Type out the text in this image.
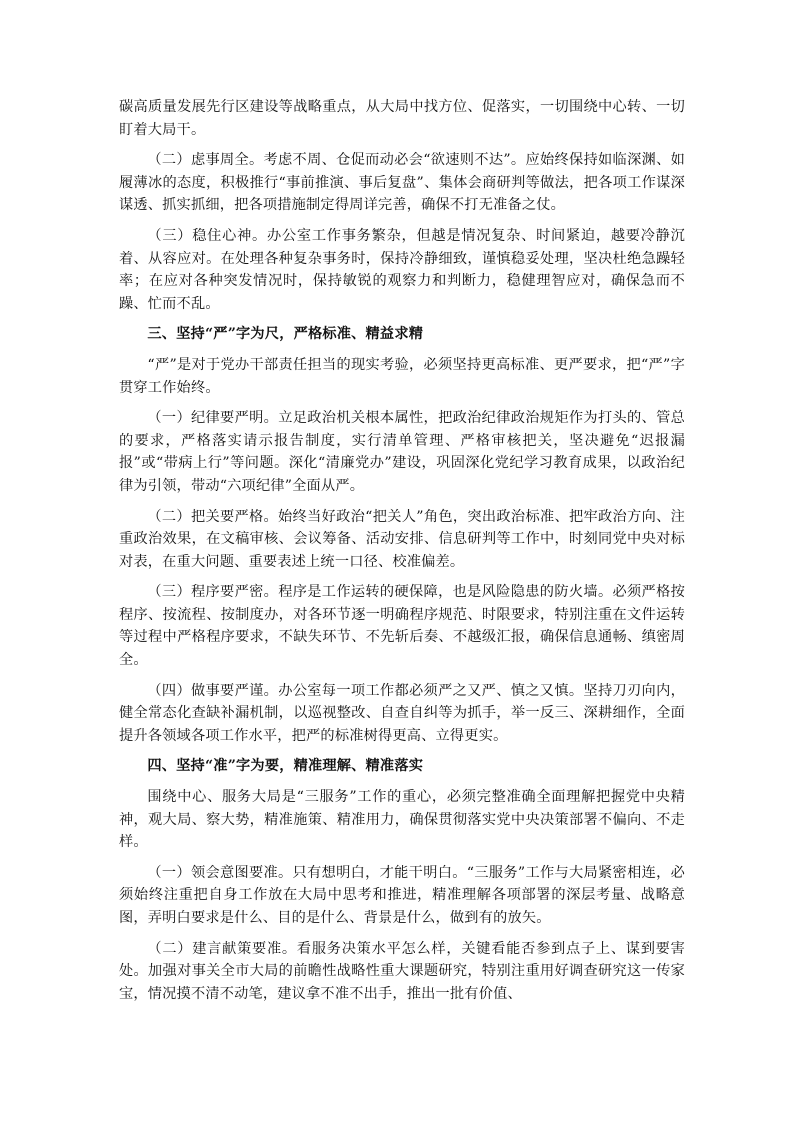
碳高质量发展先行区建设等战略重点，从大局中找方位、促落实，一切围绕中心转、一切盯着大局干。

（二）虑事周全。考虑不周、仓促而动必会“欲速则不达”。应始终保持如临深渊、如履薄冰的态度，积极推行“事前推演、事后复盘”、集体会商研判等做法，把各项工作谋深谋透、抓实抓细，把各项措施制定得周详完善，确保不打无准备之仗。

（三）稳住心神。办公室工作事务繁杂，但越是情况复杂、时间紧迫，越要冷静沉着、从容应对。在处理各种复杂事务时，保持冷静细致，谨慎稳妥处理，坚决杜绝急躁轻率；在应对各种突发情况时，保持敏锐的观察力和判断力，稳健理智应对，确保急而不躁、忙而不乱。

三、坚持“严”字为尺，严格标准、精益求精

“严”是对于党办干部责任担当的现实考验，必须坚持更高标准、更严要求，把“严”字贯穿工作始终。

（一）纪律要严明。立足政治机关根本属性，把政治纪律政治规矩作为打头的、管总的要求，严格落实请示报告制度，实行清单管理、严格审核把关，坚决避免“迟报漏报”或“带病上行”等问题。深化“清廉党办”建设，巩固深化党纪学习教育成果，以政治纪律为引领，带动“六项纪律”全面从严。

（二）把关要严格。始终当好政治“把关人”角色，突出政治标准、把牢政治方向、注重政治效果，在文稿审核、会议筹备、活动安排、信息研判等工作中，时刻同党中央对标对表，在重大问题、重要表述上统一口径、校准偏差。

（三）程序要严密。程序是工作运转的硬保障，也是风险隐患的防火墙。必须严格按程序、按流程、按制度办，对各环节逐一明确程序规范、时限要求，特别注重在文件运转等过程中严格程序要求，不缺失环节、不先斩后奏、不越级汇报，确保信息通畅、缜密周全。

（四）做事要严谨。办公室每一项工作都必须严之又严、慎之又慎。坚持刀刃向内，健全常态化查缺补漏机制，以巡视整改、自查自纠等为抓手，举一反三、深耕细作，全面提升各领域各项工作水平，把严的标准树得更高、立得更实。

四、坚持“准”字为要，精准理解、精准落实

围绕中心、服务大局是“三服务”工作的重心，必须完整准确全面理解把握党中央精神，观大局、察大势，精准施策、精准用力，确保贯彻落实党中央决策部署不偏向、不走样。

（一）领会意图要准。只有想明白，才能干明白。“三服务”工作与大局紧密相连，必须始终注重把自身工作放在大局中思考和推进，精准理解各项部署的深层考量、战略意图，弄明白要求是什么、目的是什么、背景是什么，做到有的放矢。

（二）建言献策要准。看服务决策水平怎么样，关键看能否参到点子上、谋到要害处。加强对事关全市大局的前瞻性战略性重大课题研究，特别注重用好调查研究这一传家宝，情况摸不清不动笔，建议拿不准不出手，推出一批有价值、
